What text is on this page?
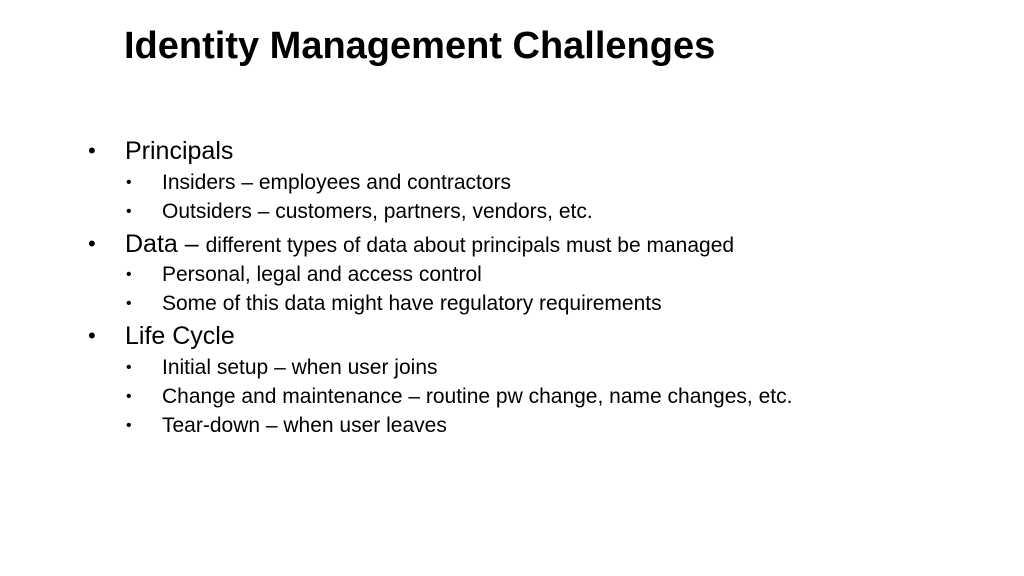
Identity Management Challenges
• Principals
• Insiders – employees and contractors
• Outsiders – customers, partners, vendors, etc.
• Data – different types of data about principals must be managed
• Personal, legal and access control
• Some of this data might have regulatory requirements
• Life Cycle
• Initial setup – when user joins
• Change and maintenance – routine pw change, name changes, etc.
• Tear-down – when user leaves
